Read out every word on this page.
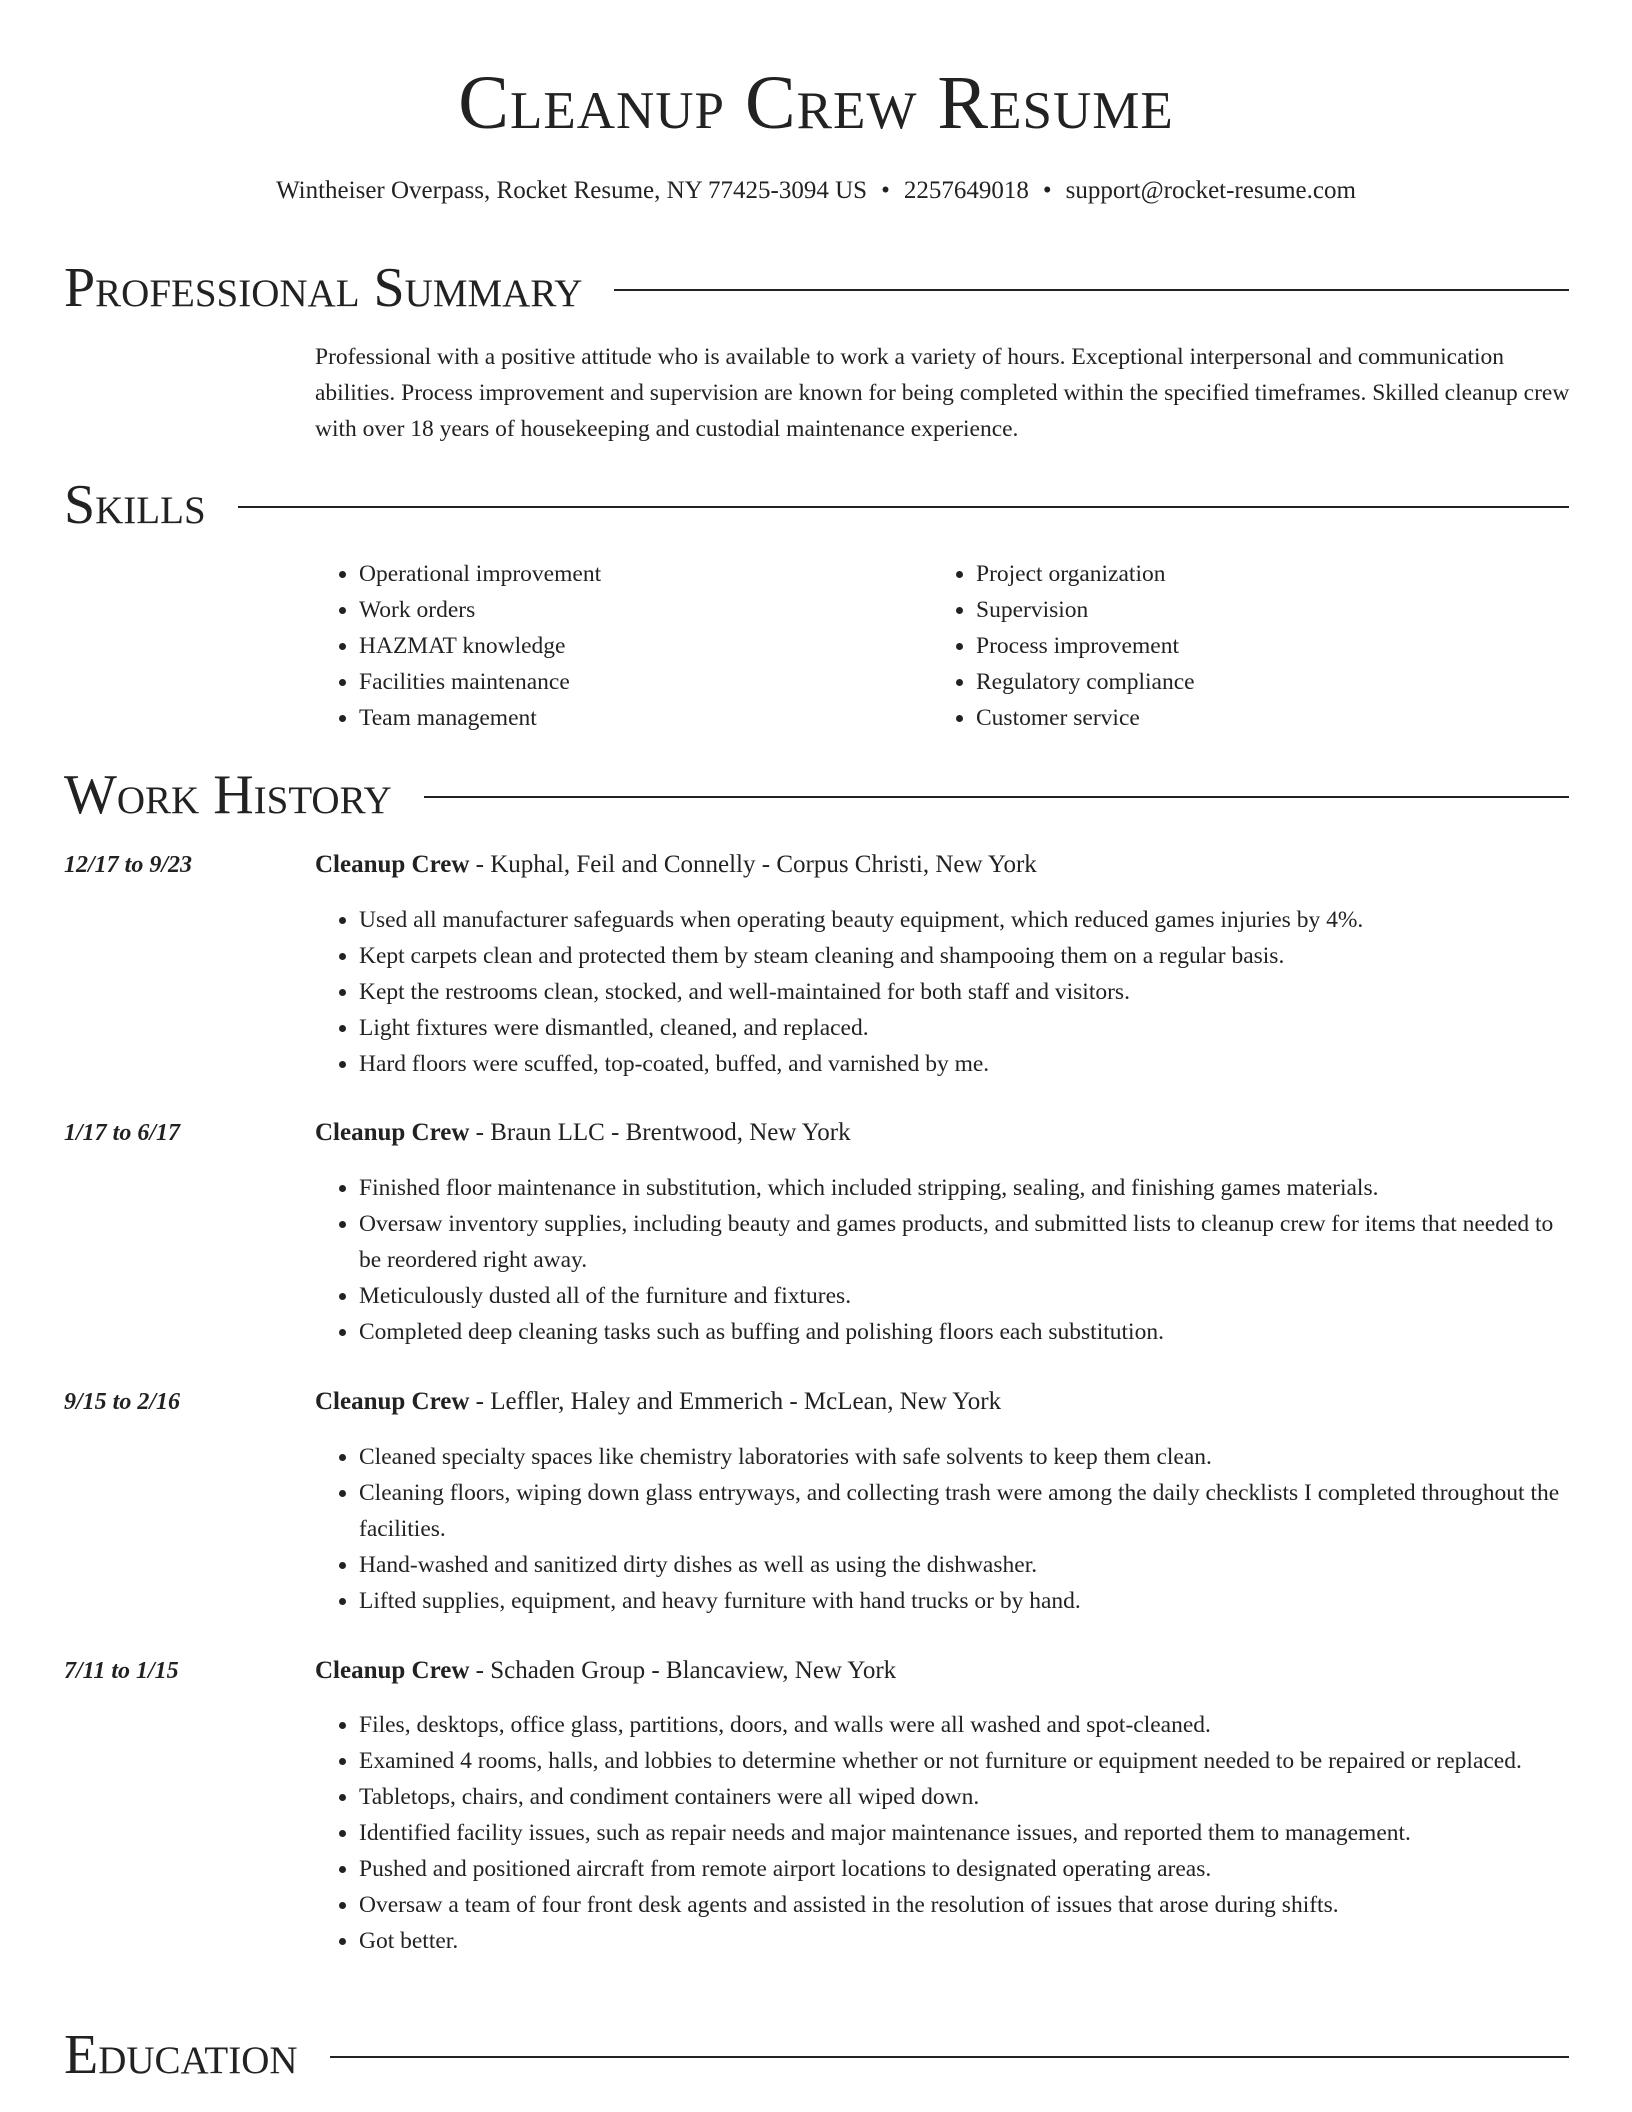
Cleanup Crew Resume
Wintheiser Overpass, Rocket Resume, NY 77425-3094 US • 2257649018 • support@rocket-resume.com
Professional Summary

Professional with a positive attitude who is available to work a variety of hours. Exceptional interpersonal and communication abilities. Process improvement and supervision are known for being completed within the specified timeframes. Skilled cleanup crew with over 18 years of housekeeping and custodial maintenance experience.

Skills
• Operational improvement
• Work orders
• HAZMAT knowledge
• Facilities maintenance
• Team management
• Project organization
• Supervision
• Process improvement
• Regulatory compliance
• Customer service
Work History
12/17 to 9/23	Cleanup Crew - Kuphal, Feil and Connelly - Corpus Christi, New York
• Used all manufacturer safeguards when operating beauty equipment, which reduced games injuries by 4%.
• Kept carpets clean and protected them by steam cleaning and shampooing them on a regular basis.
• Kept the restrooms clean, stocked, and well-maintained for both staff and visitors.
• Light fixtures were dismantled, cleaned, and replaced.
• Hard floors were scuffed, top-coated, buffed, and varnished by me.
1/17 to 6/17	Cleanup Crew - Braun LLC - Brentwood, New York
• Finished floor maintenance in substitution, which included stripping, sealing, and finishing games materials.
• Oversaw inventory supplies, including beauty and games products, and submitted lists to cleanup crew for items that needed to be reordered right away.
• Meticulously dusted all of the furniture and fixtures.
• Completed deep cleaning tasks such as buffing and polishing floors each substitution.
9/15 to 2/16	Cleanup Crew - Leffler, Haley and Emmerich - McLean, New York
• Cleaned specialty spaces like chemistry laboratories with safe solvents to keep them clean.
• Cleaning floors, wiping down glass entryways, and collecting trash were among the daily checklists I completed throughout the facilities.
• Hand-washed and sanitized dirty dishes as well as using the dishwasher.
• Lifted supplies, equipment, and heavy furniture with hand trucks or by hand.
7/11 to 1/15	Cleanup Crew - Schaden Group - Blancaview, New York
• Files, desktops, office glass, partitions, doors, and walls were all washed and spot-cleaned.
• Examined 4 rooms, halls, and lobbies to determine whether or not furniture or equipment needed to be repaired or replaced.
• Tabletops, chairs, and condiment containers were all wiped down.
• Identified facility issues, such as repair needs and major maintenance issues, and reported them to management.
• Pushed and positioned aircraft from remote airport locations to designated operating areas.
• Oversaw a team of four front desk agents and assisted in the resolution of issues that arose during shifts.
• Got better.
Education
